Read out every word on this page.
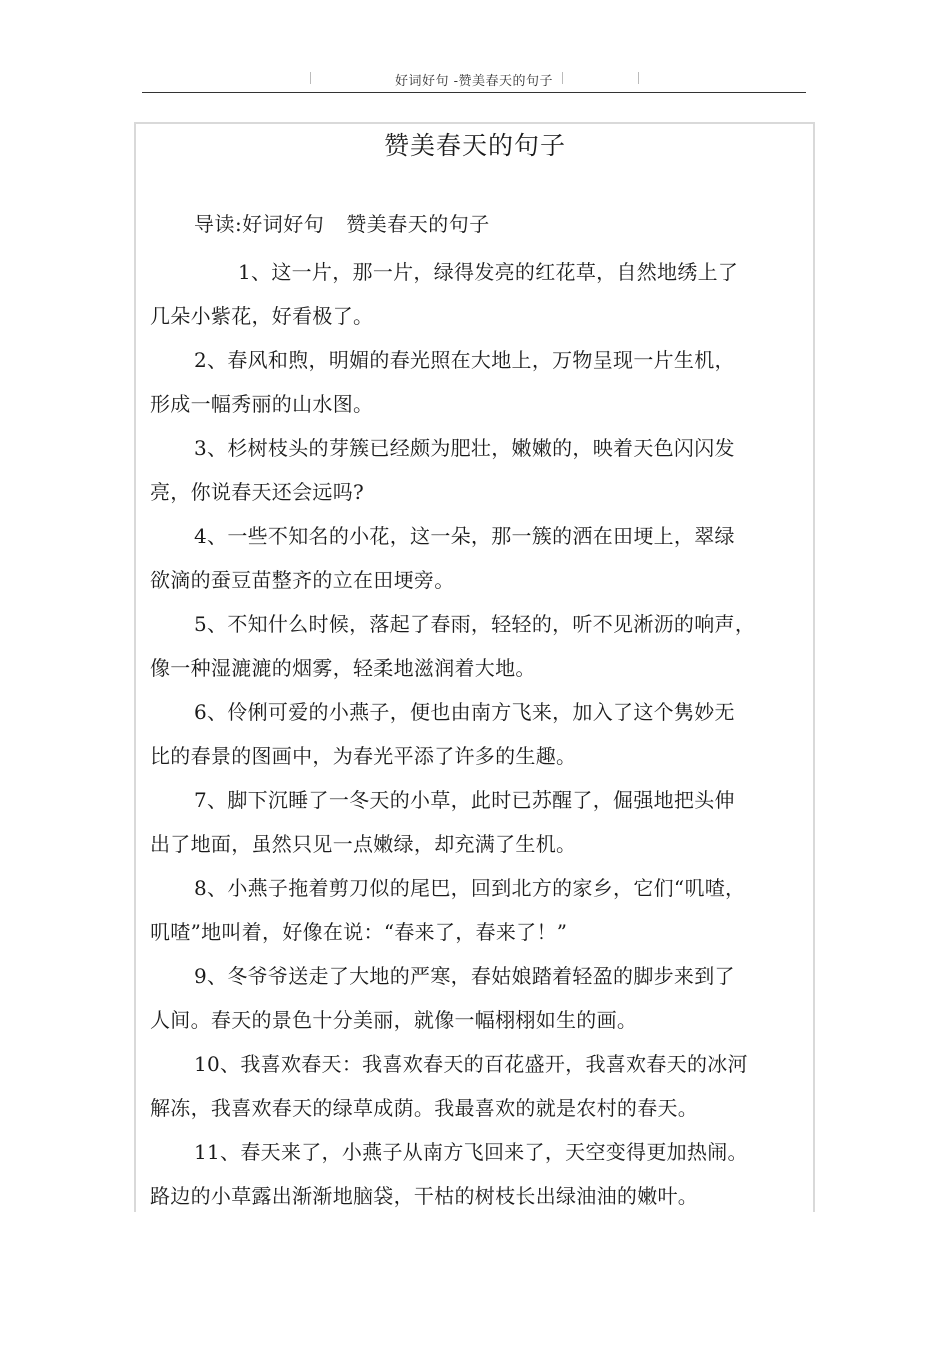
好词好句 -赞美春天的句子
赞美春天的句子
导读:好词好句 赞美春天的句子
1、这一片，那一片，绿得发亮的红花草，自然地绣上了
几朵小紫花，好看极了。
2、春风和煦，明媚的春光照在大地上，万物呈现一片生机，
形成一幅秀丽的山水图。
3、杉树枝头的芽簇已经颇为肥壮，嫩嫩的，映着天色闪闪发
亮，你说春天还会远吗?
4、一些不知名的小花，这一朵，那一簇的洒在田埂上，翠绿
欲滴的蚕豆苗整齐的立在田埂旁。
5、不知什么时候，落起了春雨，轻轻的，听不见淅沥的响声，
像一种湿漉漉的烟雾，轻柔地滋润着大地。
6、伶俐可爱的小燕子，便也由南方飞来，加入了这个隽妙无
比的春景的图画中，为春光平添了许多的生趣。
7、脚下沉睡了一冬天的小草，此时已苏醒了，倔强地把头伸
出了地面，虽然只见一点嫩绿，却充满了生机。
8、小燕子拖着剪刀似的尾巴，回到北方的家乡，它们“叽喳，
叽喳”地叫着，好像在说：“春来了，春来了！”
9、冬爷爷送走了大地的严寒，春姑娘踏着轻盈的脚步来到了
人间。春天的景色十分美丽，就像一幅栩栩如生的画。
10、我喜欢春天：我喜欢春天的百花盛开，我喜欢春天的冰河
解冻，我喜欢春天的绿草成荫。我最喜欢的就是农村的春天。
11、春天来了，小燕子从南方飞回来了，天空变得更加热闹。
路边的小草露出渐渐地脑袋，干枯的树枝长出绿油油的嫩叶。
